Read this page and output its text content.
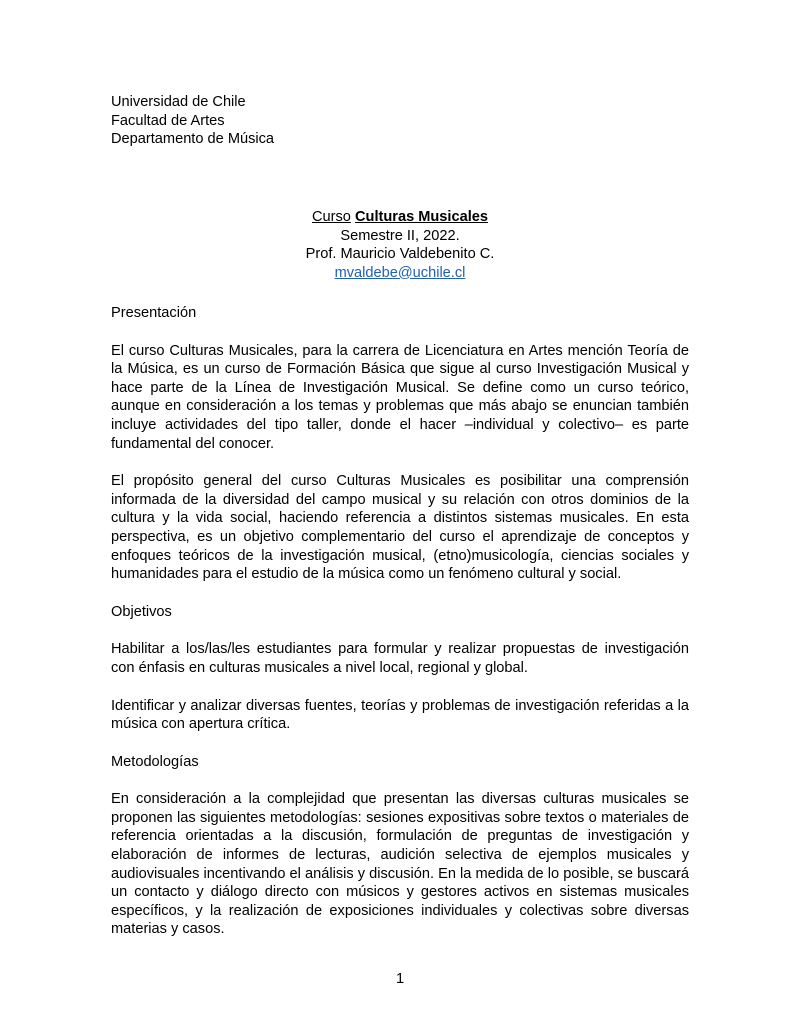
Universidad de Chile
Facultad de Artes
Departamento de Música
Curso Culturas Musicales
Semestre II, 2022.
Prof. Mauricio Valdebenito C.
mvaldebe@uchile.cl
Presentación
El curso Culturas Musicales, para la carrera de Licenciatura en Artes mención Teoría de la Música, es un curso de Formación Básica que sigue al curso Investigación Musical y hace parte de la Línea de Investigación Musical. Se define como un curso teórico, aunque en consideración a los temas y problemas que más abajo se enuncian también incluye actividades del tipo taller, donde el hacer –individual y colectivo– es parte fundamental del conocer.
El propósito general del curso Culturas Musicales es posibilitar una comprensión informada de la diversidad del campo musical y su relación con otros dominios de la cultura y la vida social, haciendo referencia a distintos sistemas musicales. En esta perspectiva, es un objetivo complementario del curso el aprendizaje de conceptos y enfoques teóricos de la investigación musical, (etno)musicología, ciencias sociales y humanidades para el estudio de la música como un fenómeno cultural y social.
Objetivos
Habilitar a los/las/les estudiantes para formular y realizar propuestas de investigación con énfasis en culturas musicales a nivel local, regional y global.
Identificar y analizar diversas fuentes, teorías y problemas de investigación referidas a la música con apertura crítica.
Metodologías
En consideración a la complejidad que presentan las diversas culturas musicales se proponen las siguientes metodologías: sesiones expositivas sobre textos o materiales de referencia orientadas a la discusión, formulación de preguntas de investigación y elaboración de informes de lecturas, audición selectiva de ejemplos musicales y audiovisuales incentivando el análisis y discusión. En la medida de lo posible, se buscará un contacto y diálogo directo con músicos y gestores activos en sistemas musicales específicos, y la realización de exposiciones individuales y colectivas sobre diversas materias y casos.
1
